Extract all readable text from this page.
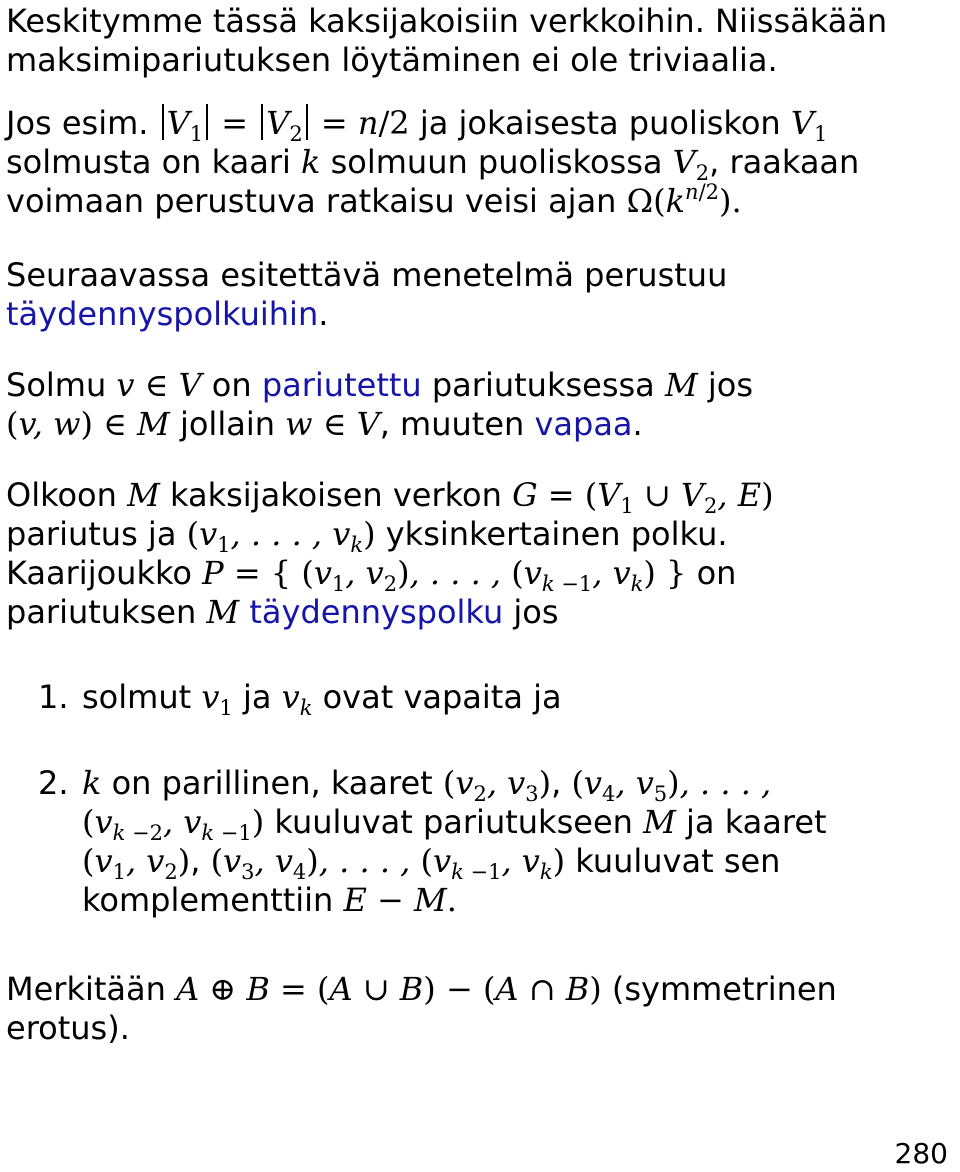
Keskitymme tässä kaksijakoisiin verkkoihin. Niissäkään
maksimipariutuksen löytäminen ei ole triviaalia.

Jos esim. $V_1 = V_2 = n/2$ ja jokaisesta puoliskon $V_1$
solmusta on kaari k solmuun puoliskossa $V_2$, raakaan
voimaan perustuva ratkaisu veisi ajan $\Omega(k^{n/2})$.

Seuraavassa esitettävä menetelmä perustuu
täydennyspolkuihin.

Solmu v ∈ V on pariutettu pariutuksessa M jos
(v, w) ∈ M jollain w ∈ V, muuten vapaa.

Olkoon M kaksijakoisen verkon $G = (V_1$ ∪ $V_2$, E)
pariutus ja ($v_1$, . . . , $v_k$) yksinkertainen polku.
Kaarijoukko P = { ($v_1$, $v_2$), . . . , ($v_{k -1}$, $v_k$) } on
pariutuksen M täydennyspolku jos

1. solmut $v_1$ ja $v_k$ ovat vapaita ja

2. k on parillinen, kaaret ($v_2$, $v_3$), ($v_4$, $v_5$), . . . ,
($v_{k -2}$, $v_{k -1}$) kuuluvat pariutukseen M ja kaaret
($v_1$, $v_2$), ($v_3$, $v_4$), . . . , ($v_{k -1}$, $v_k$) kuuluvat sen
komplementtiin E − M.

Merkitään A ⊕ B = (A ∪ B) − (A ∩ B) (symmetrinen
erotus).

280
